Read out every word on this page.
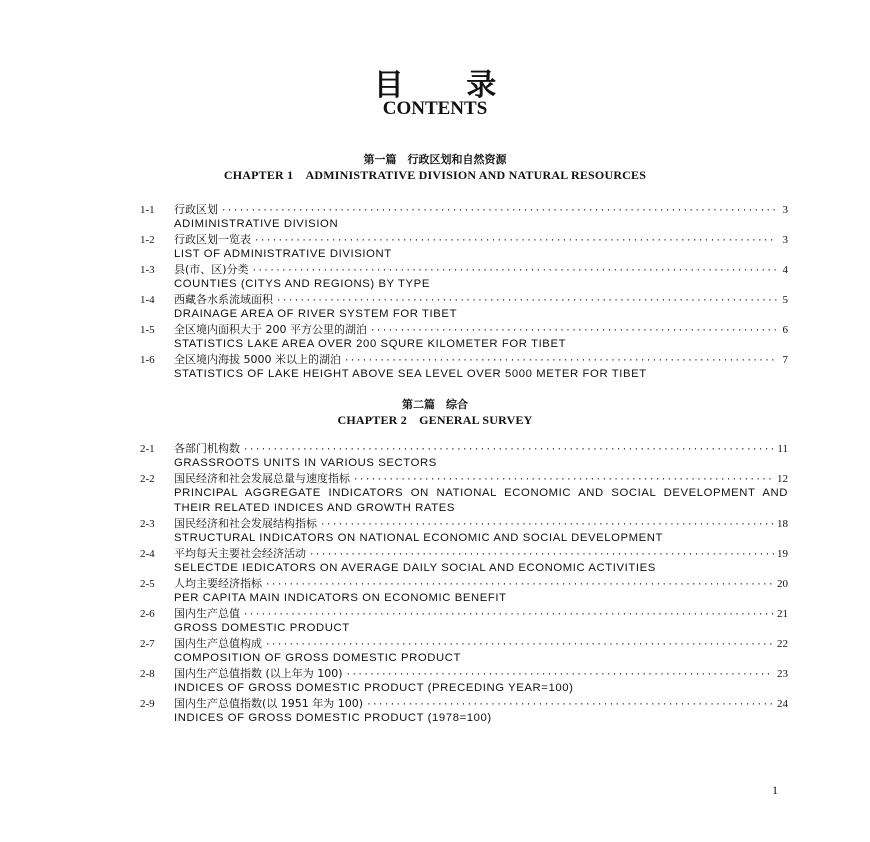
目 录
CONTENTS
第一篇　行政区划和自然资源
CHAPTER 1　ADMINISTRATIVE DIVISION AND NATURAL RESOURCES
1-1	行政区划 ·····	3
ADIMINISTRATIVE DIVISION
1-2	行政区划一览表 ·····	3
LIST OF ADMINISTRATIVE DIVISIONT
1-3	县(市、区)分类 ·····	4
COUNTIES (CITYS AND REGIONS) BY TYPE
1-4	西藏各水系流域面积 ·····	5
DRAINAGE AREA OF RIVER SYSTEM FOR TIBET
1-5	全区境内面积大于 200 平方公里的湖泊 ·····	6
STATISTICS LAKE AREA OVER 200 SQURE KILOMETER FOR TIBET
1-6	全区境内海拔 5000 米以上的湖泊 ·····	7
STATISTICS OF LAKE HEIGHT ABOVE SEA LEVEL OVER 5000 METER FOR TIBET
第二篇　综合
CHAPTER 2　GENERAL SURVEY
2-1	各部门机构数 ·····	11
GRASSROOTS UNITS IN VARIOUS SECTORS
2-2	国民经济和社会发展总量与速度指标 ·····	12
PRINCIPAL AGGREGATE INDICATORS ON NATIONAL ECONOMIC AND SOCIAL DEVELOPMENT AND THEIR RELATED INDICES AND GROWTH RATES
2-3	国民经济和社会发展结构指标 ·····	18
STRUCTURAL INDICATORS ON NATIONAL ECONOMIC AND SOCIAL DEVELOPMENT
2-4	平均每天主要社会经济活动 ·····	19
SELECTDE IEDICATORS ON AVERAGE DAILY SOCIAL AND ECONOMIC ACTIVITIES
2-5	人均主要经济指标 ·····	20
PER CAPITA MAIN INDICATORS ON ECONOMIC BENEFIT
2-6	国内生产总值 ·····	21
GROSS DOMESTIC PRODUCT
2-7	国内生产总值构成 ·····	22
COMPOSITION OF GROSS DOMESTIC PRODUCT
2-8	国内生产总值指数 (以上年为 100) ·····	23
INDICES OF GROSS DOMESTIC PRODUCT (PRECEDING YEAR=100)
2-9	国内生产总值指数(以 1951 年为 100) ·····	24
INDICES OF GROSS DOMESTIC PRODUCT (1978=100)
1
